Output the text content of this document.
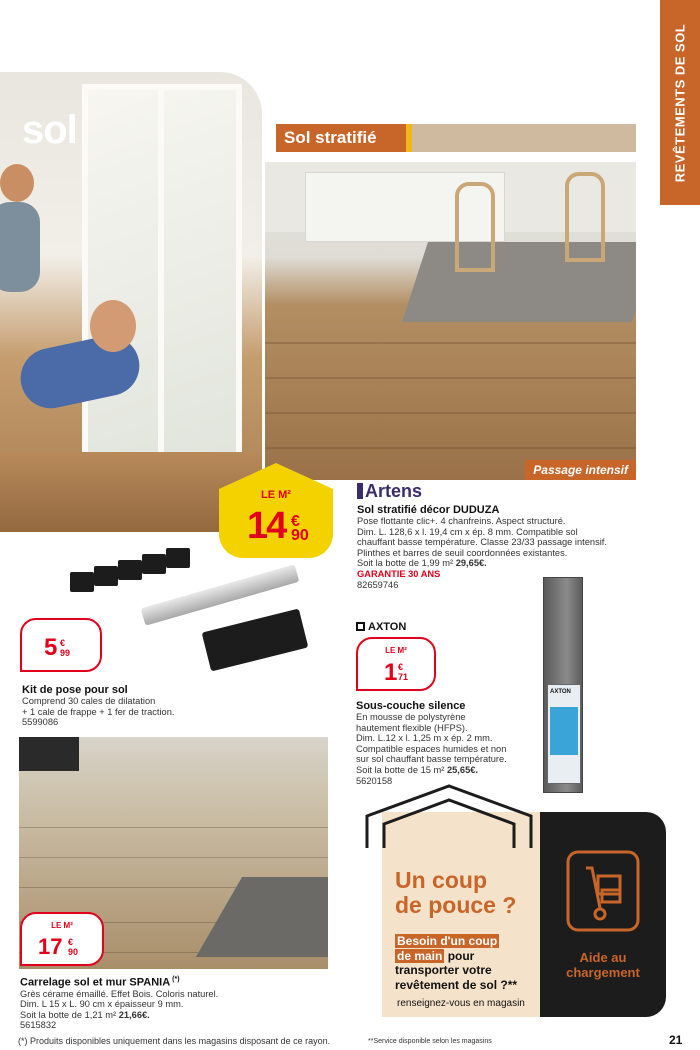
REVÊTEMENTS DE SOL
sol	Sol stratifié
Passage intensif
LE M²
14 €
90
Artens
Sol stratifié décor DUDUZA
Pose flottante clic+. 4 chanfreins. Aspect structuré.
Dim. L. 128,6 x l. 19,4 cm x ép. 8 mm. Compatible sol
chauffant basse température. Classe 23/33 passage intensif.
Plinthes et barres de seuil coordonnées existantes.
Soit la botte de 1,99 m² 29,65€.
GARANTIE 30 ANS
82659746
5 €
99
Kit de pose pour sol
Comprend 30 cales de dilatation
+ 1 cale de frappe + 1 fer de traction.
5599086
AXTON
LE M²
1 €
71
AXTON
Sous-couche silence
En mousse de polystyrène
hautement flexible (HFPS).
Dim. L.12 x l. 1,25 m x ép. 2 mm.
Compatible espaces humides et non
sur sol chauffant basse température.
Soit la botte de 15 m² 25,65€.
5620158
LE M²
17 €
90
Carrelage sol et mur SPANIA (*)
Grès cérame émaillé. Effet Bois. Coloris naturel.
Dim. L 15 x L. 90 cm x épaisseur 9 mm.
Soit la botte de 1,21 m² 21,66€.
5615832
Un coup
de pouce ?
Besoin d'un coup
de main pour
transporter votre
revêtement de sol ?**
renseignez-vous en magasin
Aide au
chargement
(*) Produits disponibles uniquement dans les magasins disposant de ce rayon.	**Service disponible selon les magasins	21
